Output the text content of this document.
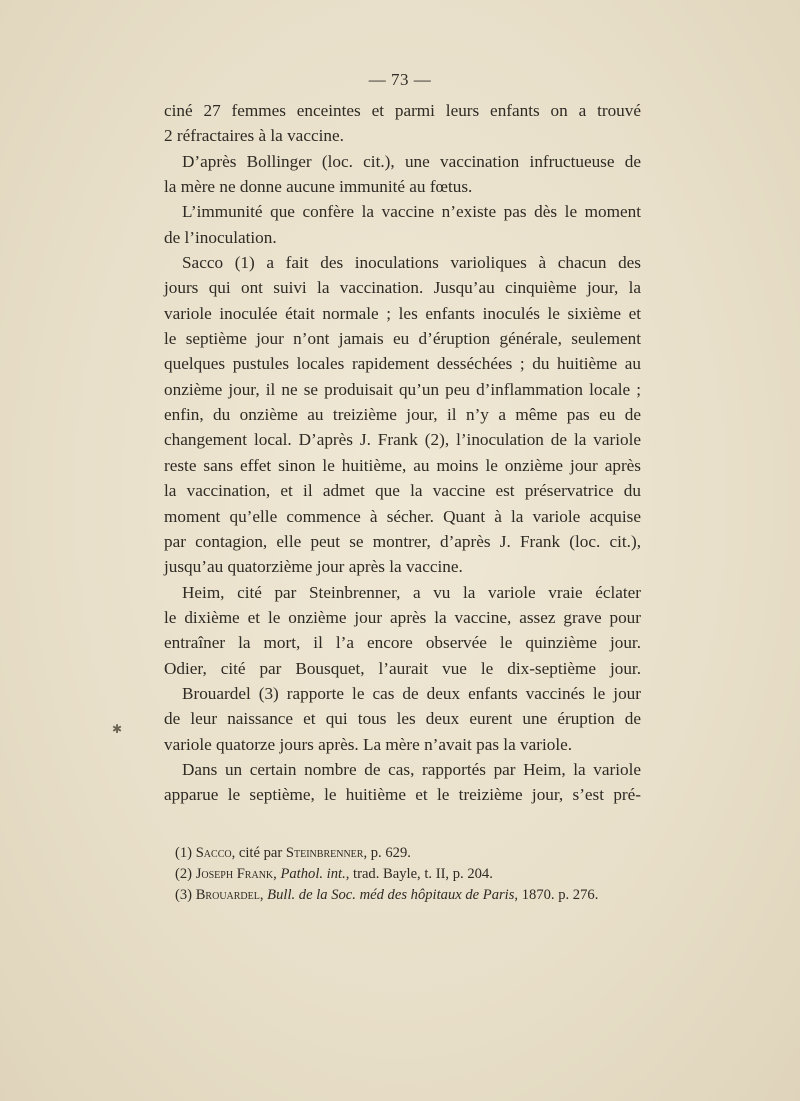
— 73 —
ciné 27 femmes enceintes et parmi leurs enfants on a trouvé
2 réfractaires à la vaccine.
D’après Bollinger (loc. cit.), une vaccination infructueuse de
la mère ne donne aucune immunité au fœtus.
L’immunité que confère la vaccine n’existe pas dès le moment
de l’inoculation.
Sacco (1) a fait des inoculations varioliques à chacun des
jours qui ont suivi la vaccination. Jusqu’au cinquième jour, la
variole inoculée était normale ; les enfants inoculés le sixième et
le septième jour n’ont jamais eu d’éruption générale, seulement
quelques pustules locales rapidement desséchées ; du huitième au
onzième jour, il ne se produisait qu’un peu d’inflammation locale ;
enfin, du onzième au treizième jour, il n’y a même pas eu de
changement local. D’après J. Frank (2), l’inoculation de la variole
reste sans effet sinon le huitième, au moins le onzième jour après
la vaccination, et il admet que la vaccine est préservatrice du
moment qu’elle commence à sécher. Quant à la variole acquise
par contagion, elle peut se montrer, d’après J. Frank (loc. cit.),
jusqu’au quatorzième jour après la vaccine.
Heim, cité par Steinbrenner, a vu la variole vraie éclater
le dixième et le onzième jour après la vaccine, assez grave pour
entraîner la mort, il l’a encore observée le quinzième jour.
Odier, cité par Bousquet, l’aurait vue le dix-septième jour.
Brouardel (3) rapporte le cas de deux enfants vaccinés le jour
de leur naissance et qui tous les deux eurent une éruption de
variole quatorze jours après. La mère n’avait pas la variole.
Dans un certain nombre de cas, rapportés par Heim, la variole
apparue le septième, le huitième et le treizième jour, s’est pré-
(1) Sacco, cité par Steinbrenner, p. 629.
(2) Joseph Frank, Pathol. int., trad. Bayle, t. II, p. 204.
(3) Brouardel, Bull. de la Soc. méd des hôpitaux de Paris, 1870. p. 276.
✱
